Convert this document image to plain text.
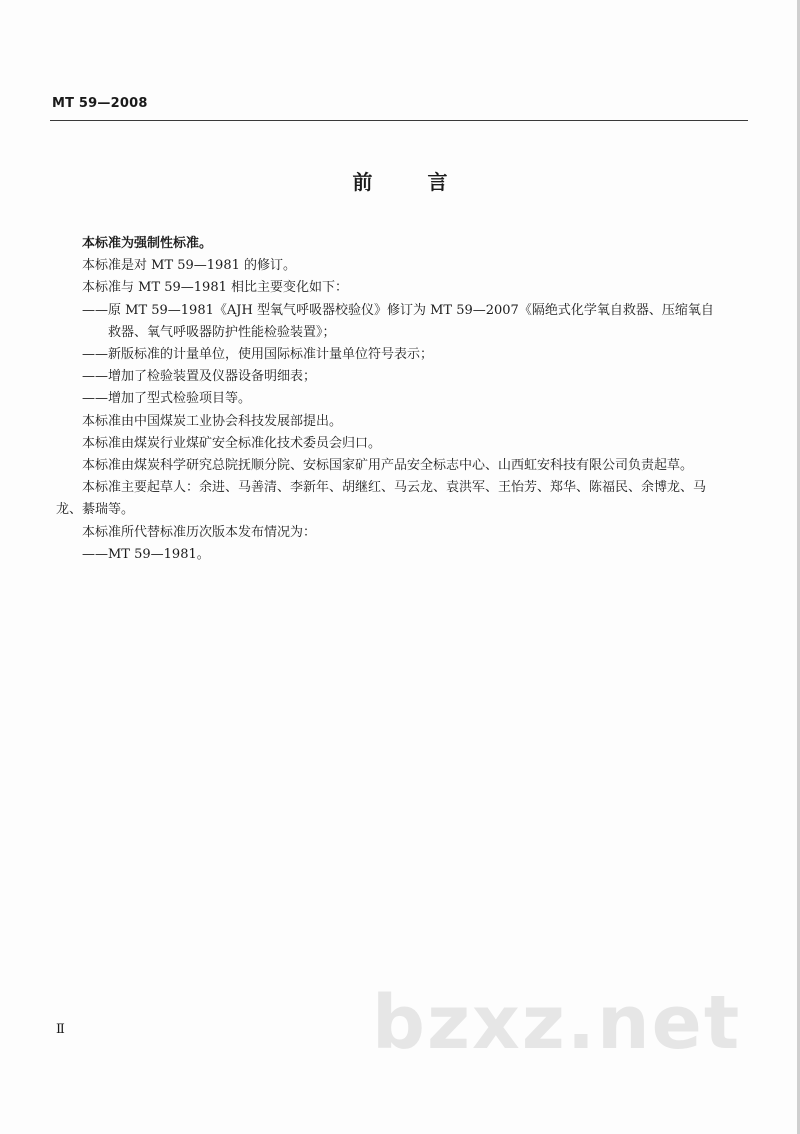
MT 59—2008
前 言

本标准为强制性标准。

本标准是对 MT 59—1981 的修订。

本标准与 MT 59—1981 相比主要变化如下：

——原 MT 59—1981《AJH 型氧气呼吸器校验仪》修订为 MT 59—2007《隔绝式化学氧自救器、压缩氧自救器、氧气呼吸器防护性能检验装置》；

——新版标准的计量单位，使用国际标准计量单位符号表示；

——增加了检验装置及仪器设备明细表；

——增加了型式检验项目等。

本标准由中国煤炭工业协会科技发展部提出。

本标准由煤炭行业煤矿安全标准化技术委员会归口。

本标准由煤炭科学研究总院抚顺分院、安标国家矿用产品安全标志中心、山西虹安科技有限公司负责起草。

本标准主要起草人：余进、马善清、李新年、胡继红、马云龙、袁洪军、王怡芳、郑华、陈福民、余博龙、马龙、綦瑞等。

本标准所代替标准历次版本发布情况为：

——MT 59—1981。

bzxz.net
Ⅱ
